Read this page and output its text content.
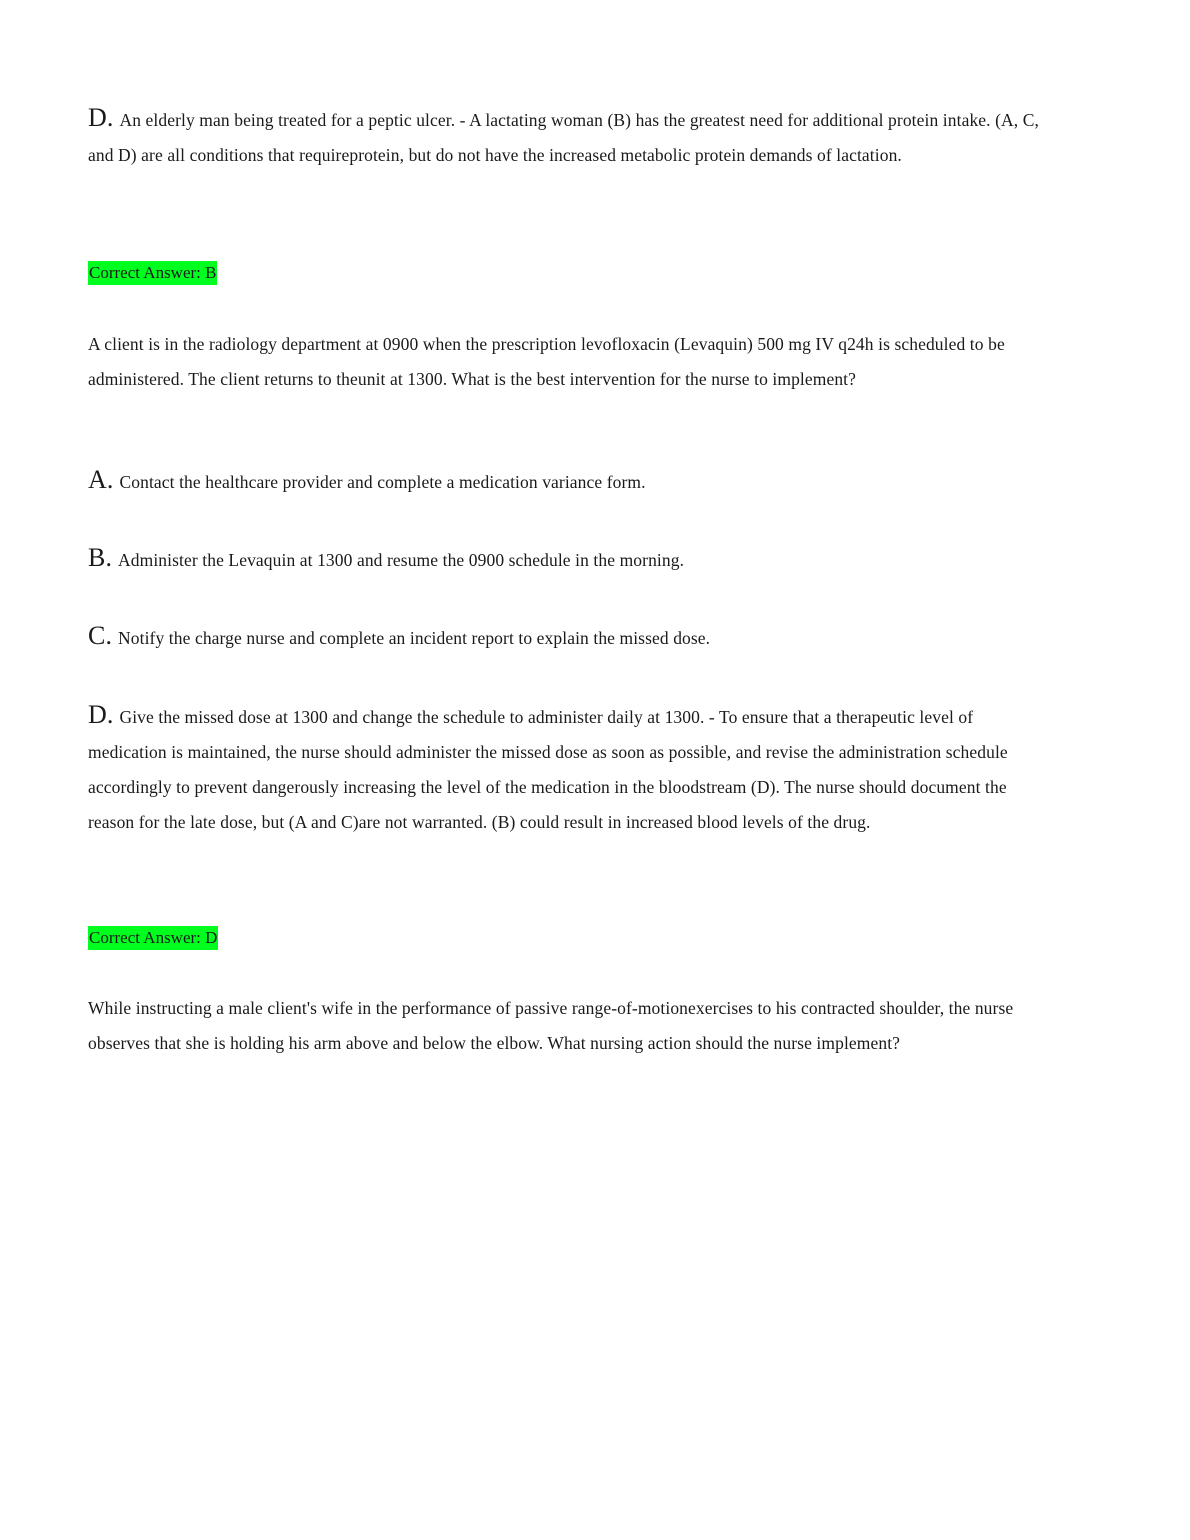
D. An elderly man being treated for a peptic ulcer. - A lactating woman (B) has the greatest need for additional protein intake. (A, C, and D) are all conditions that requireprotein, but do not have the increased metabolic protein demands of lactation.
Correct Answer: B
A client is in the radiology department at 0900 when the prescription levofloxacin (Levaquin) 500 mg IV q24h is scheduled to be administered. The client returns to theunit at 1300. What is the best intervention for the nurse to implement?
A. Contact the healthcare provider and complete a medication variance form.
B. Administer the Levaquin at 1300 and resume the 0900 schedule in the morning.
C. Notify the charge nurse and complete an incident report to explain the missed dose.
D. Give the missed dose at 1300 and change the schedule to administer daily at 1300. - To ensure that a therapeutic level of medication is maintained, the nurse should administer the missed dose as soon as possible, and revise the administration schedule accordingly to prevent dangerously increasing the level of the medication in the bloodstream (D). The nurse should document the reason for the late dose, but (A and C)are not warranted. (B) could result in increased blood levels of the drug.
Correct Answer: D
While instructing a male client's wife in the performance of passive range-of-motionexercises to his contracted shoulder, the nurse observes that she is holding his arm above and below the elbow. What nursing action should the nurse implement?
